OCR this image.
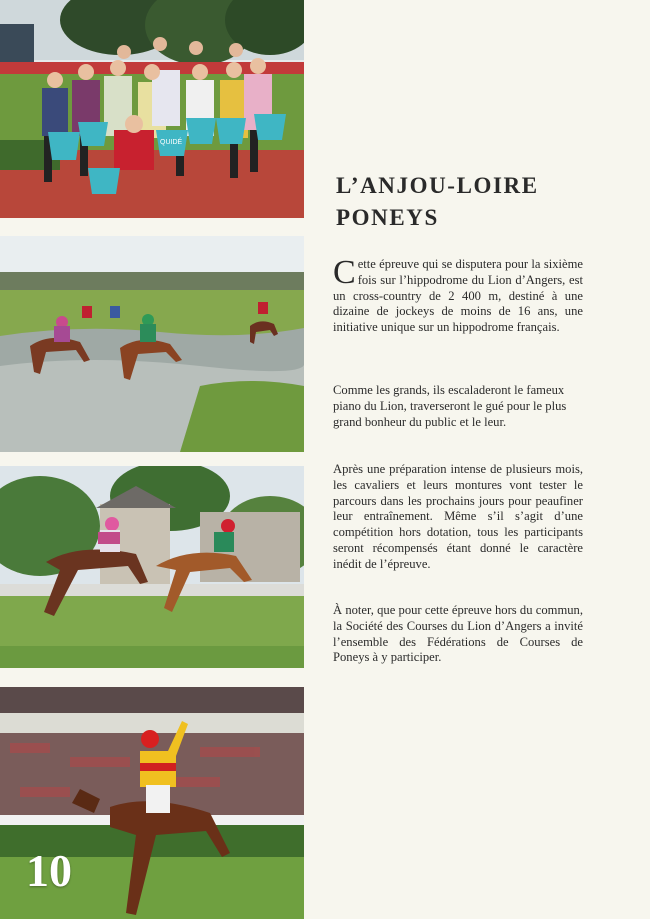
QUIDÉ
10
L’ANJOU-LOIRE
PONEYS

Cette épreuve qui se disputera pour la sixième fois sur l’hippodrome du Lion d’Angers, est un cross-country de 2 400 m, destiné à une dizaine de jockeys de moins de 16 ans, une initiative unique sur un hippodrome français.

Comme les grands, ils escaladeront le fameux piano du Lion, traverseront le gué pour le plus grand bonheur du public et le leur.

Après une préparation intense de plusieurs mois, les cavaliers et leurs montures vont tester le parcours dans les prochains jours pour peaufiner leur entraînement. Même s’il s’agit d’une compétition hors dotation, tous les participants seront récompensés étant donné le caractère inédit de l’épreuve.

À noter, que pour cette épreuve hors du commun, la Société des Courses du Lion d’Angers a invité l’ensemble des Fédérations de Courses de Poneys à y participer.
